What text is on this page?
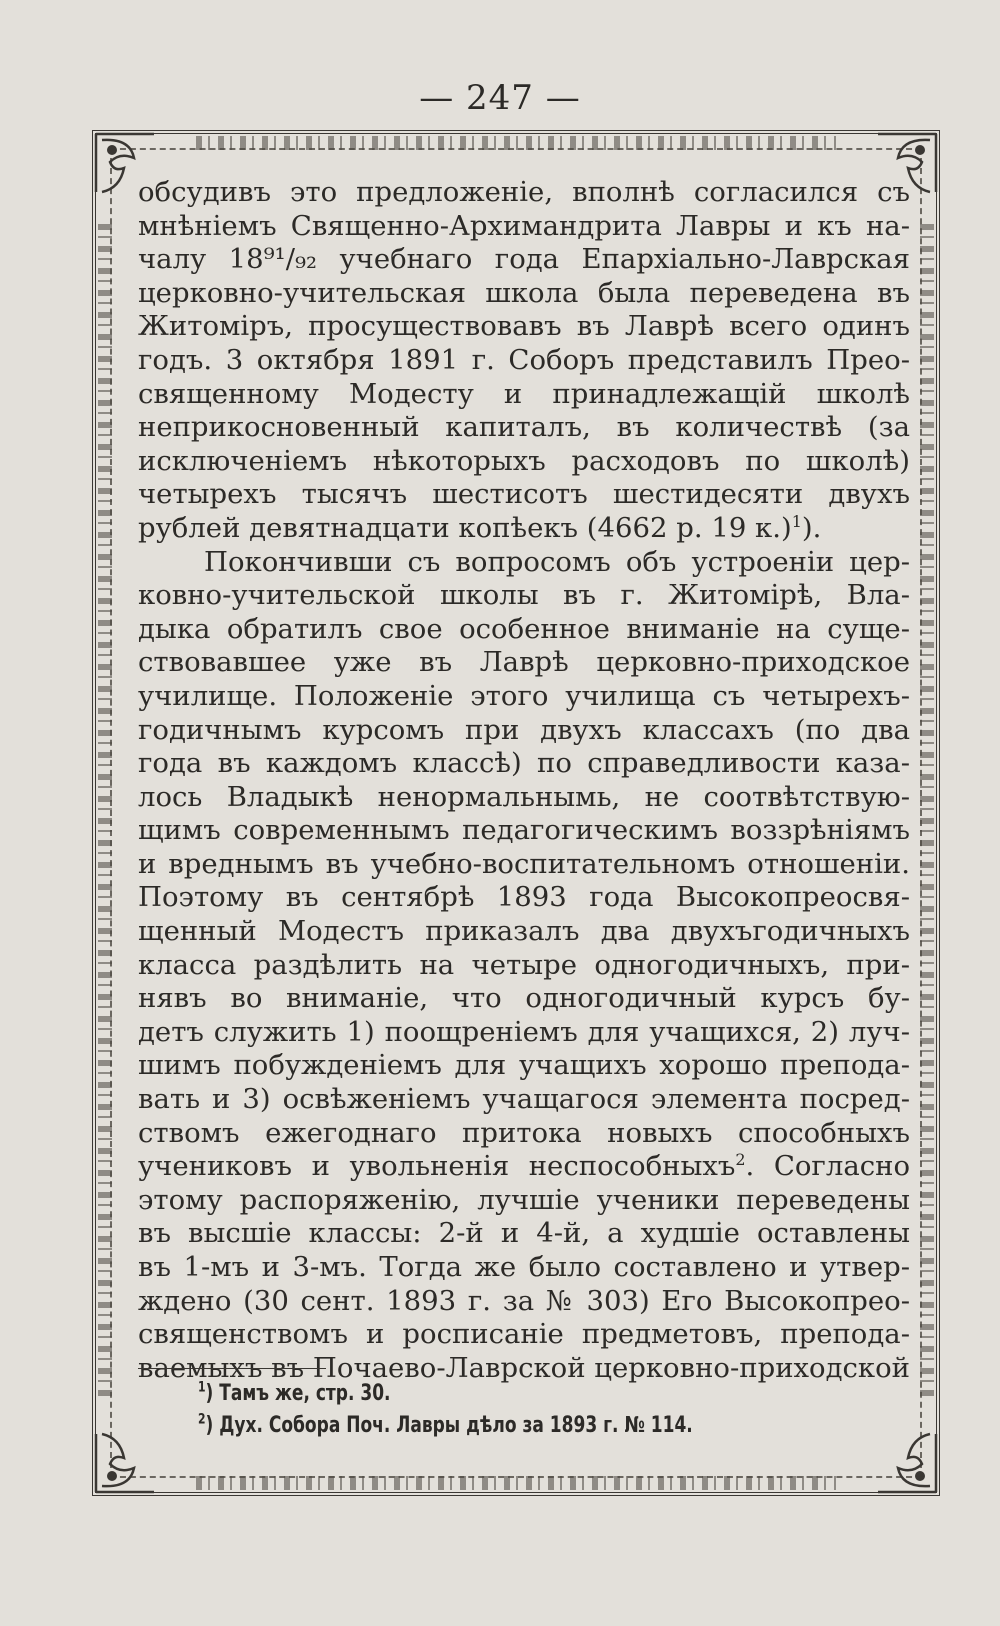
— 247 —
обсудивъ это предложеніе, вполнѣ согласился съ
мнѣніемъ Священно-Архимандрита Лавры и къ на-
чалу 18⁹¹/₉₂ учебнаго года Епархіально-Лаврская
церковно-учительская школа была переведена въ
Житоміръ, просуществовавъ въ Лаврѣ всего одинъ
годъ. 3 октября 1891 г. Соборъ представилъ Прео-
священному Модесту и принадлежащій школѣ
неприкосновенный капиталъ, въ количествѣ (за
исключеніемъ нѣкоторыхъ расходовъ по школѣ)
четырехъ тысячъ шестисотъ шестидесяти двухъ
рублей девятнадцати копѣекъ (4662 р. 19 к.)$^1$).
Покончивши съ вопросомъ объ устроеніи цер-
ковно-учительской школы въ г. Житомірѣ, Вла-
дыка обратилъ свое особенное вниманіе на суще-
ствовавшее уже въ Лаврѣ церковно-приходское
училище. Положеніе этого училища съ четырехъ-
годичнымъ курсомъ при двухъ классахъ (по два
года въ каждомъ классѣ) по справедливости каза-
лось Владыкѣ ненормальнымь, не соотвѣтствую-
щимъ современнымъ педагогическимъ воззрѣніямъ
и вреднымъ въ учебно-воспитательномъ отношеніи.
Поэтому въ сентябрѣ 1893 года Высокопреосвя-
щенный Модестъ приказалъ два двухъгодичныхъ
класса раздѣлить на четыре одногодичныхъ, при-
нявъ во вниманіе, что одногодичный курсъ бу-
детъ служить 1) поощреніемъ для учащихся, 2) луч-
шимъ побужденіемъ для учащихъ хорошо препода-
вать и 3) освѣженіемъ учащагося элемента посред-
ствомъ ежегоднаго притока новыхъ способныхъ
учениковъ и увольненія неспособныхъ$^2$. Согласно
этому распоряженію, лучшіе ученики переведены
въ высшіе классы: 2-й и 4-й, а худшіе оставлены
въ 1-мъ и 3-мъ. Тогда же было составлено и утвер-
ждено (30 сент. 1893 г. за № 303) Его Высокопрео-
священствомъ и росписаніе предметовъ, препода-
ваемыхъ въ Почаево-Лаврской церковно-приходской
$^1$) Тамъ же, стр. 30.
$^2$) Дух. Собора Поч. Лавры дѣло за 1893 г. № 114.
